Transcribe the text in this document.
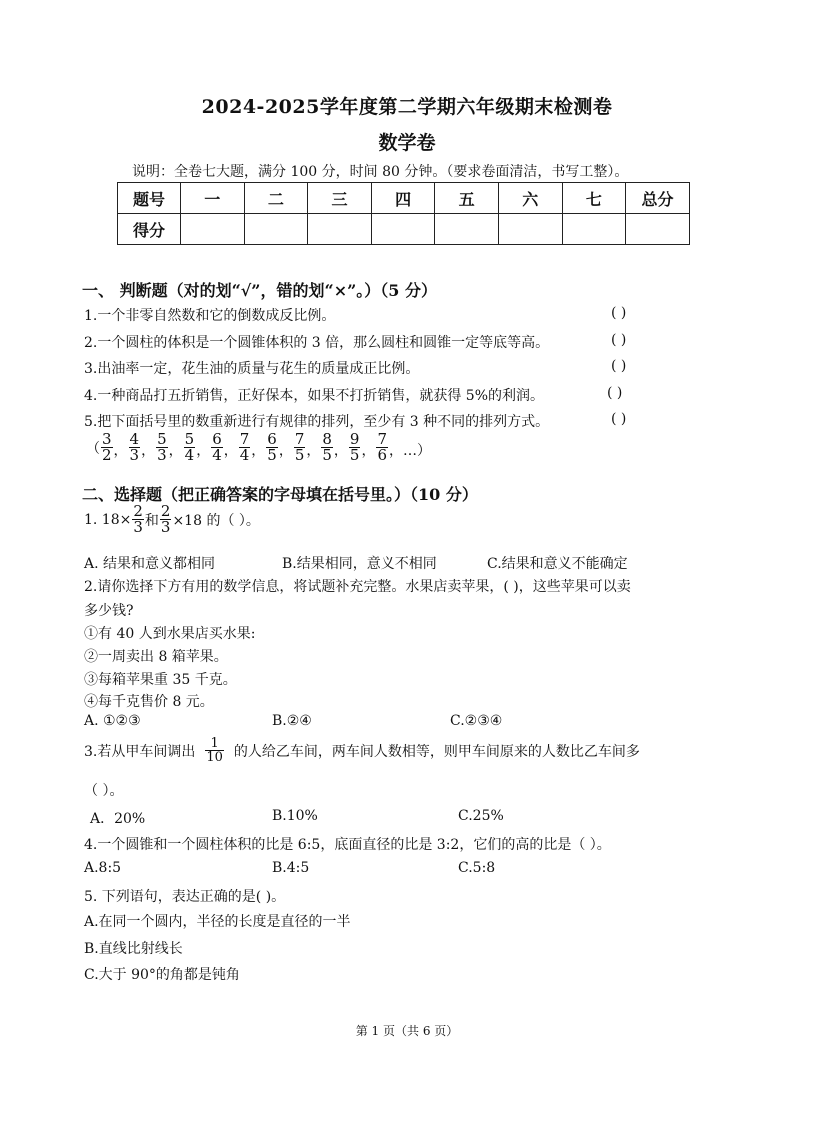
2024-2025学年度第二学期六年级期末检测卷
数学卷
说明：全卷七大题，满分 100 分，时间 80 分钟。（要求卷面清洁，书写工整）。
题号	一	二	三	四	五	六	七	总分
得分								
一、 判断题（对的划“√”，错的划“×”。）（5 分）
1.一个非零自然数和它的倒数成反比例。	( )
2.一个圆柱的体积是一个圆锥体积的 3 倍，那么圆柱和圆锥一定等底等高。	( )
3.出油率一定，花生油的质量与花生的质量成正比例。	( )
4.一种商品打五折销售，正好保本，如果不打折销售，就获得 5%的利润。	( )
5.把下面括号里的数重新进行有规律的排列，至少有 3 种不同的排列方式。	( )
（ $\frac{3}{2}$ ， $\frac{4}{3}$ ， $\frac{5}{3}$ ， $\frac{5}{4}$ ， $\frac{6}{4}$ ， $\frac{7}{4}$ ， $\frac{6}{5}$ ， $\frac{7}{5}$ ， $\frac{8}{5}$ ， $\frac{9}{5}$ ， $\frac{7}{6}$ ，…）
二、选择题（把正确答案的字母填在括号里。）（10 分）
1. $18\times \frac{2}{3}$ 和 $\frac{2}{3} \times 18$ 的（ ）。
A. 结果和意义都相同	B.结果相同，意义不相同	C.结果和意义不能确定
2.请你选择下方有用的数学信息，将试题补充完整。水果店卖苹果，( )，这些苹果可以卖
多少钱?
①有 40 人到水果店买水果:
②一周卖出 8 箱苹果。
③每箱苹果重 35 千克。
④每千克售价 8 元。
A. ①②③	B.②④	C.②③④
3.若从甲车间调出 $\frac{1}{10}$ 的人给乙车间，两车间人数相等，则甲车间原来的人数比乙车间多
（ ）。
A．20%	B.10%	C.25%
4.一个圆锥和一个圆柱体积的比是 6:5，底面直径的比是 3:2，它们的高的比是（ ）。
A.8:5	B.4:5	C.5:8
5. 下列语句，表达正确的是( )。
A.在同一个圆内，半径的长度是直径的一半
B.直线比射线长
C.大于 90°的角都是钝角
第 1 页（共 6 页）
